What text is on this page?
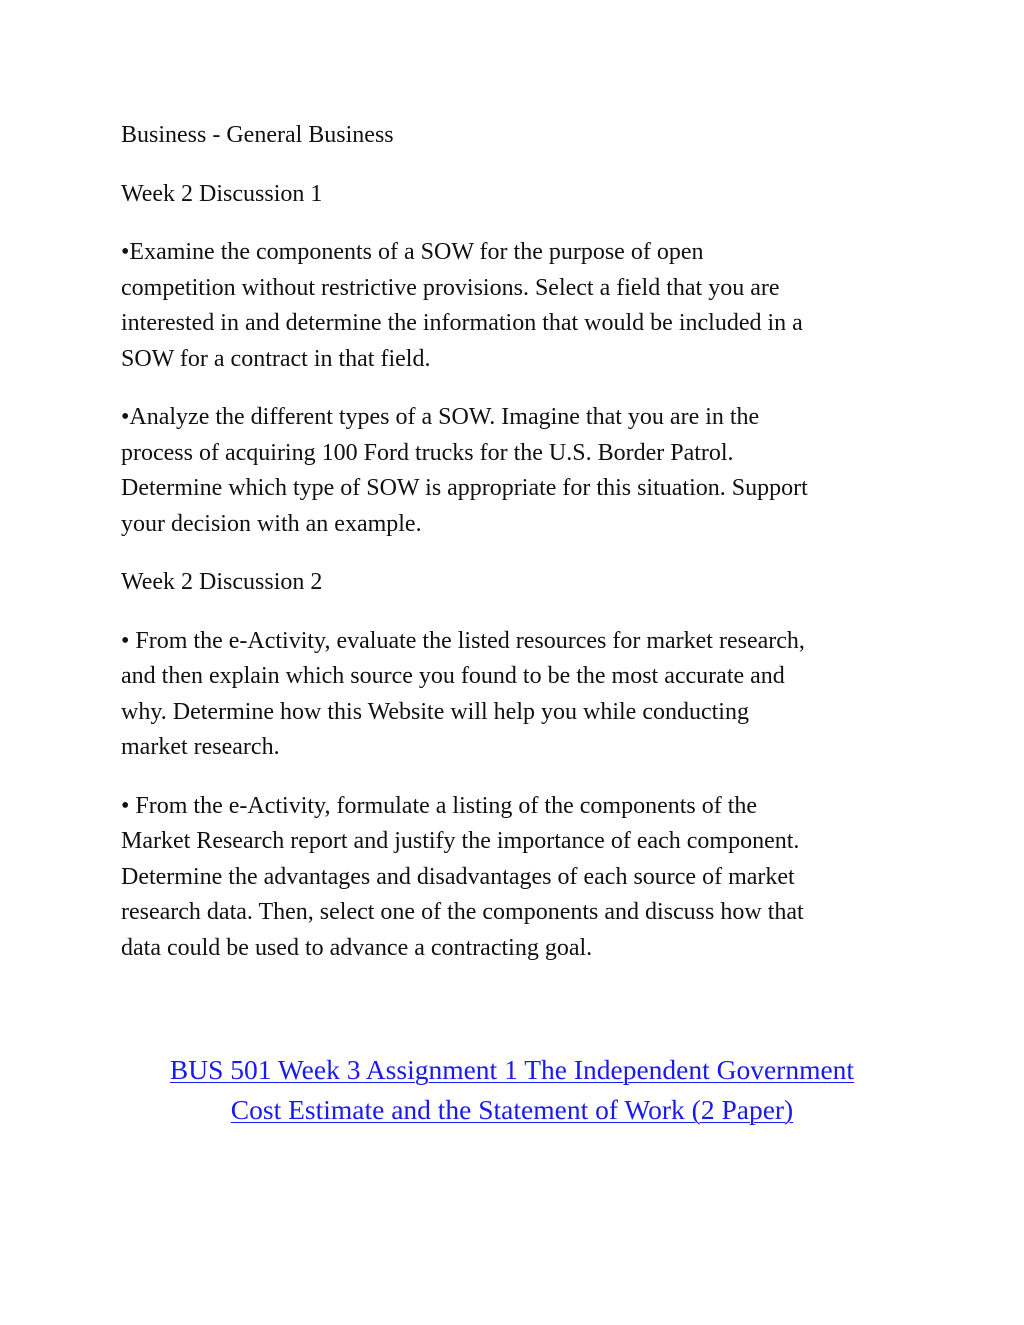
Business - General Business

Week 2 Discussion 1

•Examine the components of a SOW for the purpose of open
competition without restrictive provisions. Select a field that you are
interested in and determine the information that would be included in a
SOW for a contract in that field.

•Analyze the different types of a SOW. Imagine that you are in the
process of acquiring 100 Ford trucks for the U.S. Border Patrol.
Determine which type of SOW is appropriate for this situation. Support
your decision with an example.

Week 2 Discussion 2

• From the e-Activity, evaluate the listed resources for market research,
and then explain which source you found to be the most accurate and
why. Determine how this Website will help you while conducting
market research.

• From the e-Activity, formulate a listing of the components of the
Market Research report and justify the importance of each component.
Determine the advantages and disadvantages of each source of market
research data. Then, select one of the components and discuss how that
data could be used to advance a contracting goal.

BUS 501 Week 3 Assignment 1 The Independent Government
Cost Estimate and the Statement of Work (2 Paper)
